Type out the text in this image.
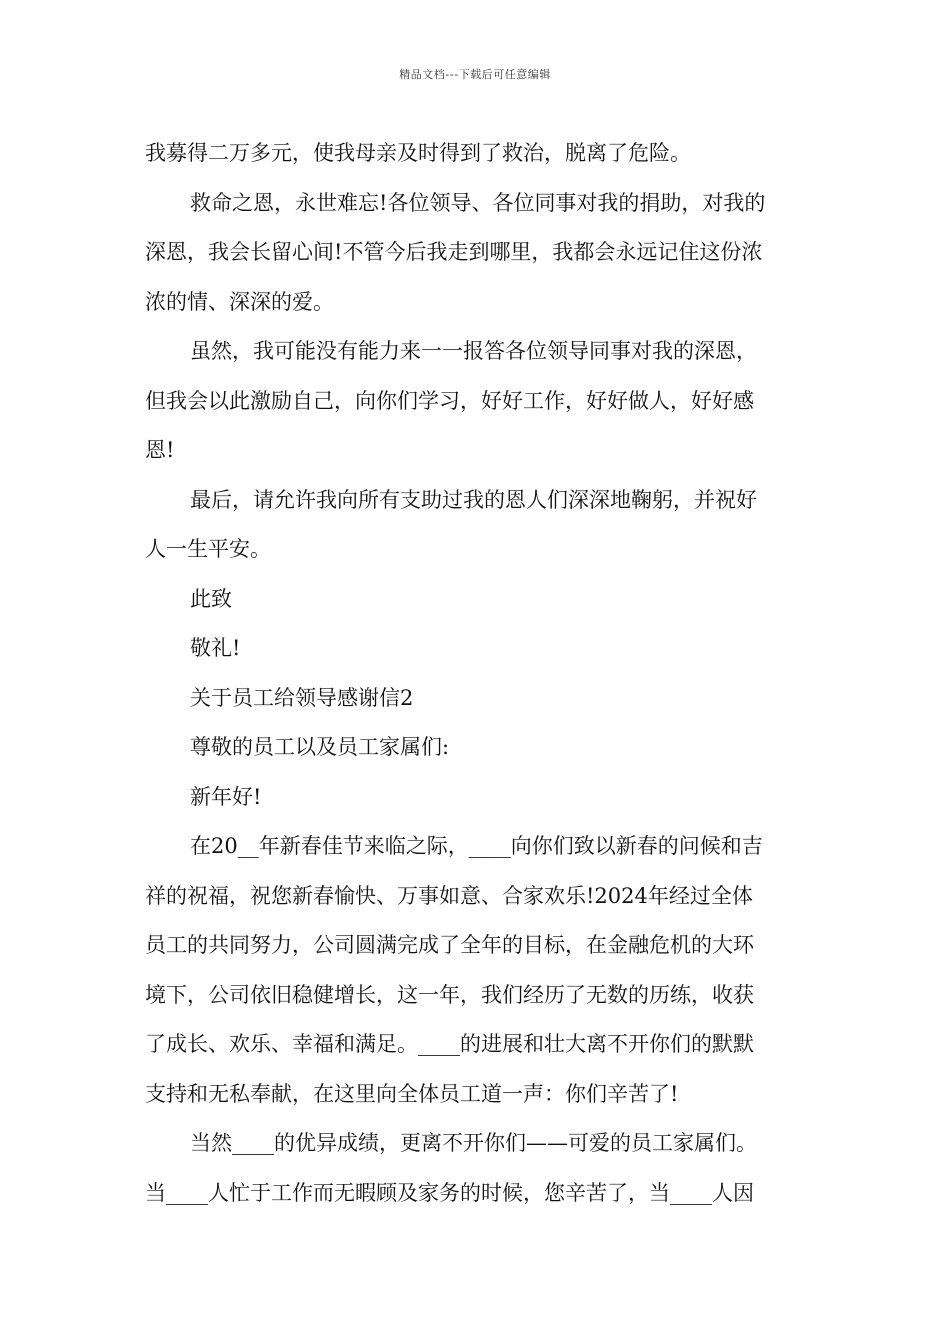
精品文档---下载后可任意编辑
我募得二万多元，使我母亲及时得到了救治，脱离了危险。
救命之恩，永世难忘!各位领导、各位同事对我的捐助，对我的
深恩，我会长留心间!不管今后我走到哪里，我都会永远记住这份浓
浓的情、深深的爱。
虽然，我可能没有能力来一一报答各位领导同事对我的深恩，
但我会以此激励自己，向你们学习，好好工作，好好做人，好好感
恩!
最后，请允许我向所有支助过我的恩人们深深地鞠躬，并祝好
人一生平安。
此致
敬礼!
关于员工给领导感谢信2
尊敬的员工以及员工家属们:
新年好!
在20__年新春佳节来临之际，____向你们致以新春的问候和吉
祥的祝福，祝您新春愉快、万事如意、合家欢乐!2024年经过全体
员工的共同努力，公司圆满完成了全年的目标，在金融危机的大环
境下，公司依旧稳健增长，这一年，我们经历了无数的历练，收获
了成长、欢乐、幸福和满足。____的进展和壮大离不开你们的默默
支持和无私奉献，在这里向全体员工道一声：你们辛苦了!
当然____的优异成绩，更离不开你们——可爱的员工家属们。
当____人忙于工作而无暇顾及家务的时候，您辛苦了，当____人因
